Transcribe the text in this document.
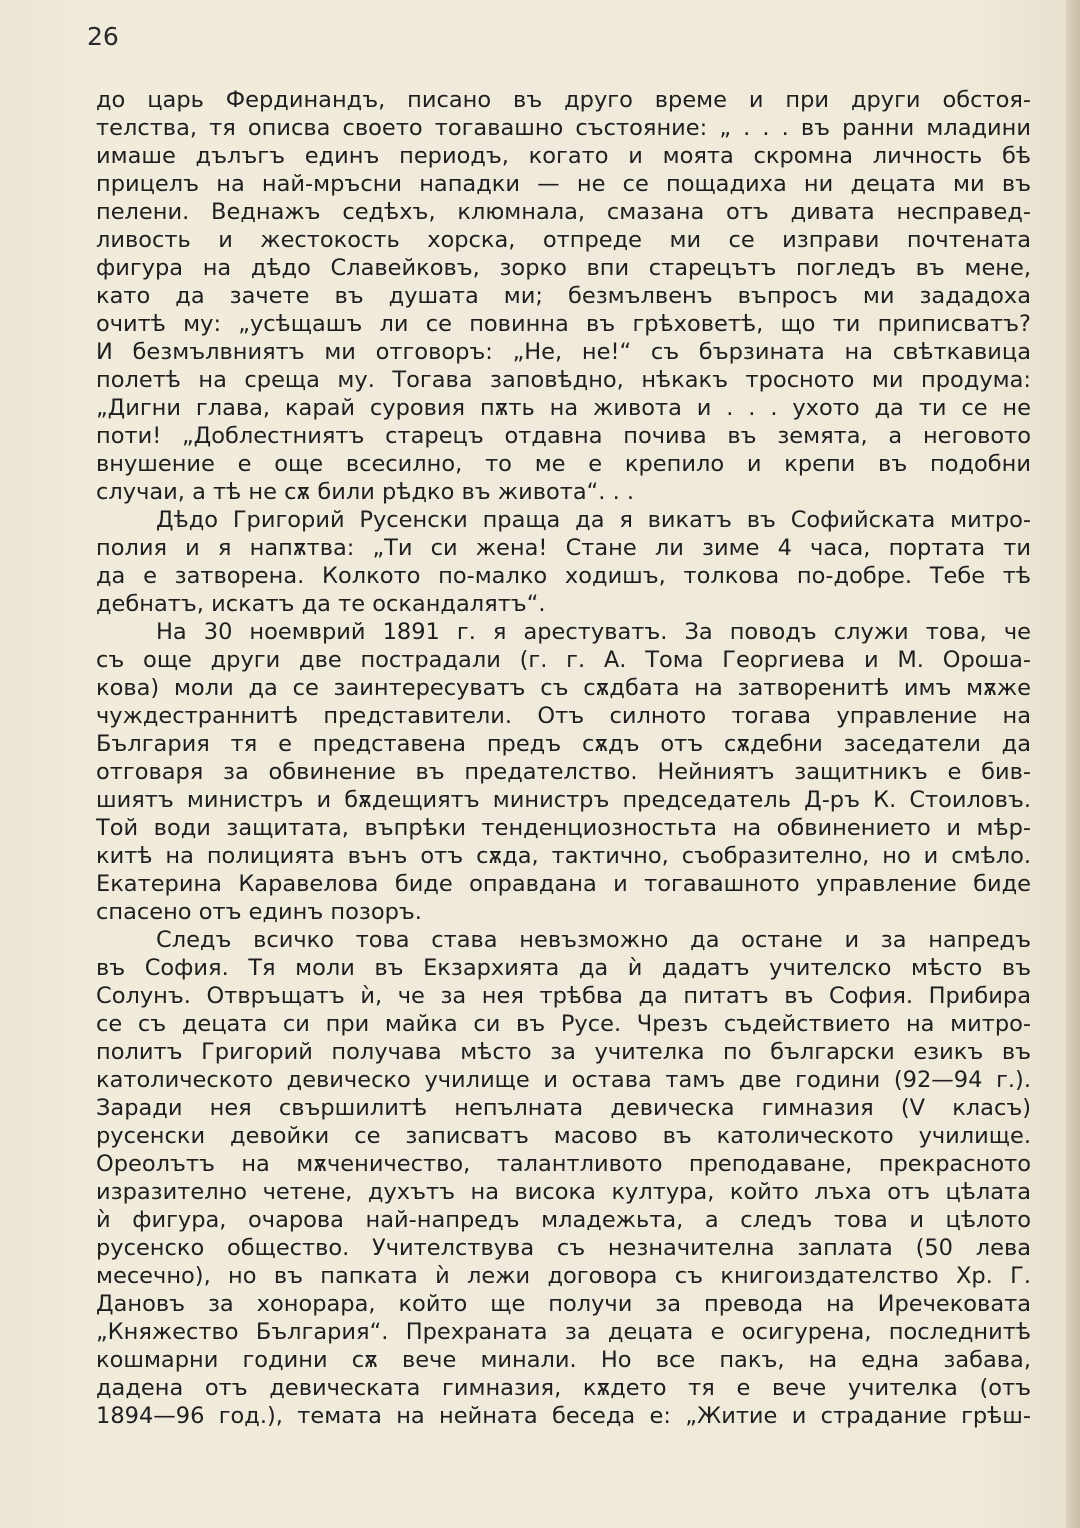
26
до царь Фердинандъ, писано въ друго време и при други обстоя-
телства, тя описва своето тогавашно състояние: „ . . . въ ранни младини
имаше дълъгъ единъ периодъ, когато и моята скромна личность бѣ
прицелъ на най-мръсни нападки — не се пощадиха ни децата ми въ
пелени. Веднажъ седѣхъ, клюмнала, смазана отъ дивата несправед-
ливость и жестокость хорска, отпреде ми се изправи почтената
фигура на дѣдо Славейковъ, зорко впи старецътъ погледъ въ мене,
като да зачете въ душата ми; безмълвенъ въпросъ ми зададоха
очитѣ му: „усѣщашъ ли се повинна въ грѣховетѣ, що ти приписватъ?
И безмълвниятъ ми отговоръ: „Не, не!“ съ бързината на свѣткавица
полетѣ на среща му. Тогава заповѣдно, нѣкакъ тросното ми продума:
„Дигни глава, карай суровия пѫть на живота и . . . ухото да ти се не
поти! „Доблестниятъ старецъ отдавна почива въ земята, а неговото
внушение е още всесилно, то ме е крепило и крепи въ подобни
случаи, а тѣ не сѫ били рѣдко въ живота“. . .
Дѣдо Григорий Русенски праща да я викатъ въ Софийската митро-
полия и я напѫтва: „Ти си жена! Стане ли зиме 4 часа, портата ти
да е затворена. Колкото по-малко ходишъ, толкова по-добре. Тебе тѣ
дебнатъ, искатъ да те оскандалятъ“.
На 30 ноемврий 1891 г. я арестуватъ. За поводъ служи това, че
съ още други две пострадали (г. г. А. Тома Георгиева и М. Ороша-
кова) моли да се заинтересуватъ съ сѫдбата на затворенитѣ имъ мѫже
чуждестраннитѣ представители. Отъ силното тогава управление на
България тя е представена предъ сѫдъ отъ сѫдебни заседатели да
отговаря за обвинение въ предателство. Нейниятъ защитникъ е бив-
шиятъ министръ и бѫдещиятъ министръ председатель Д-ръ К. Стоиловъ.
Той води защитата, въпрѣки тенденциозностьта на обвинението и мѣр-
китѣ на полицията вънъ отъ сѫда, тактично, съобразително, но и смѣло.
Екатерина Каравелова биде оправдана и тогавашното управление биде
спасено отъ единъ позоръ.
Следъ всичко това става невъзможно да остане и за напредъ
въ София. Тя моли въ Екзархията да ѝ дадатъ учителско мѣсто въ
Солунъ. Отвръщатъ ѝ, че за нея трѣбва да питатъ въ София. Прибира
се съ децата си при майка си въ Русе. Чрезъ съдействието на митро-
политъ Григорий получава мѣсто за учителка по български езикъ въ
католическото девическо училище и остава тамъ две години (92—94 г.).
Заради нея свършилитѣ непълната девическа гимназия (V класъ)
русенски девойки се записватъ масово въ католическото училище.
Ореолътъ на мѫченичество, талантливото преподаване, прекрасното
изразително четене, духътъ на висока култура, който лъха отъ цѣлата
ѝ фигура, очарова най-напредъ младежьта, а следъ това и цѣлото
русенско общество. Учителствува съ незначителна заплата (50 лева
месечно), но въ папката ѝ лежи договора съ книгоиздателство Хр. Г.
Дановъ за хонорара, който ще получи за превода на Иречековата
„Княжество България“. Прехраната за децата е осигурена, последнитѣ
кошмарни години сѫ вече минали. Но все пакъ, на една забава,
дадена отъ девическата гимназия, кѫдето тя е вече учителка (отъ
1894—96 год.), темата на нейната беседа е: „Житие и страдание грѣш-
